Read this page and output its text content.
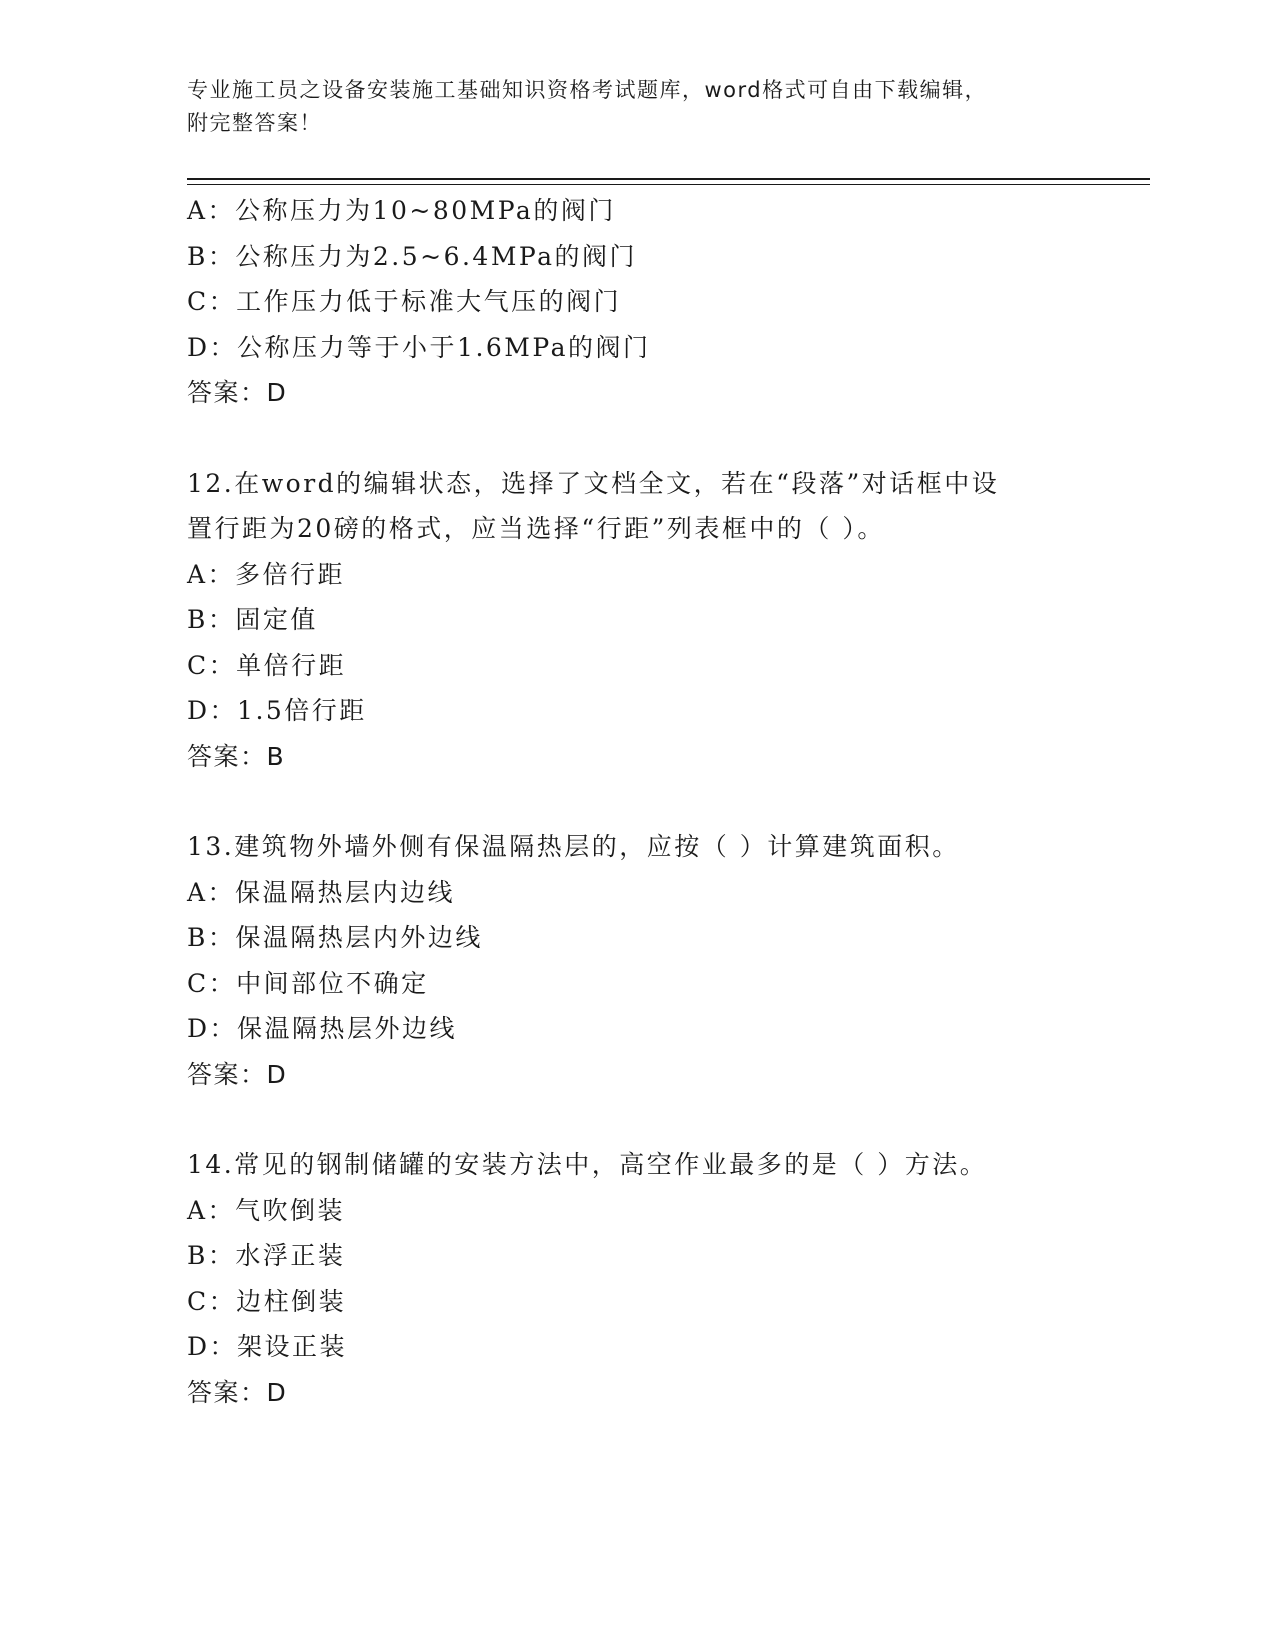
专业施工员之设备安装施工基础知识资格考试题库，word格式可自由下载编辑，
附完整答案！
A：公称压力为10~80MPa的阀门
B：公称压力为2.5~6.4MPa的阀门
C：工作压力低于标准大气压的阀门
D：公称压力等于小于1.6MPa的阀门
答案：D
12.在word的编辑状态，选择了文档全文，若在“段落”对话框中设
置行距为20磅的格式，应当选择“行距”列表框中的（ ）。
A：多倍行距
B：固定值
C：单倍行距
D：1.5倍行距
答案：B
13.建筑物外墙外侧有保温隔热层的，应按（ ）计算建筑面积。
A：保温隔热层内边线
B：保温隔热层内外边线
C：中间部位不确定
D：保温隔热层外边线
答案：D
14.常见的钢制储罐的安装方法中，高空作业最多的是（ ）方法。
A：气吹倒装
B：水浮正装
C：边柱倒装
D：架设正装
答案：D
